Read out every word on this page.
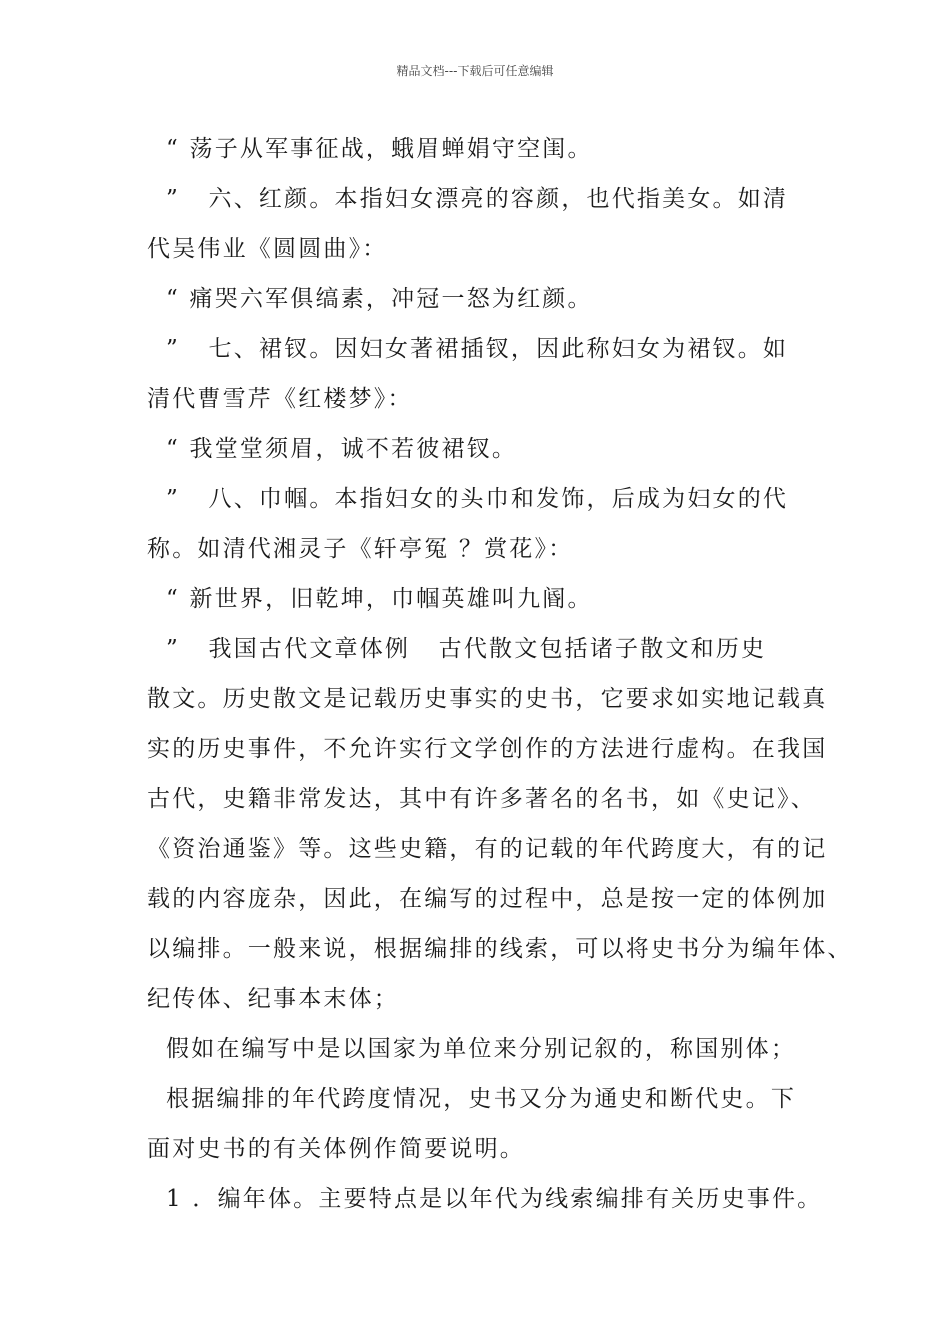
精品文档---下载后可任意编辑
“ 荡子从军事征战，蛾眉蝉娟守空闺。
”   六、红颜。本指妇女漂亮的容颜，也代指美女。如清
代吴伟业《圆圆曲》：
“ 痛哭六军俱缟素，冲冠一怒为红颜。
”   七、裙钗。因妇女著裙插钗，因此称妇女为裙钗。如
清代曹雪芹《红楼梦》：
“ 我堂堂须眉，诚不若彼裙钗。
”   八、巾帼。本指妇女的头巾和发饰，后成为妇女的代
称。如清代湘灵子《轩亭冤 ？赏花》：
“ 新世界，旧乾坤，巾帼英雄叫九阍。
”   我国古代文章体例   古代散文包括诸子散文和历史
散文。历史散文是记载历史事实的史书，它要求如实地记载真
实的历史事件，不允许实行文学创作的方法进行虚构。在我国
古代，史籍非常发达，其中有许多著名的名书，如《史记》、
《资治通鉴》等。这些史籍，有的记载的年代跨度大，有的记
载的内容庞杂，因此，在编写的过程中，总是按一定的体例加
以编排。一般来说，根据编排的线索，可以将史书分为编年体、
纪传体、纪事本末体；
假如在编写中是以国家为单位来分别记叙的，称国别体；
根据编排的年代跨度情况，史书又分为通史和断代史。下
面对史书的有关体例作简要说明。
1 ．编年体。主要特点是以年代为线索编排有关历史事件。
